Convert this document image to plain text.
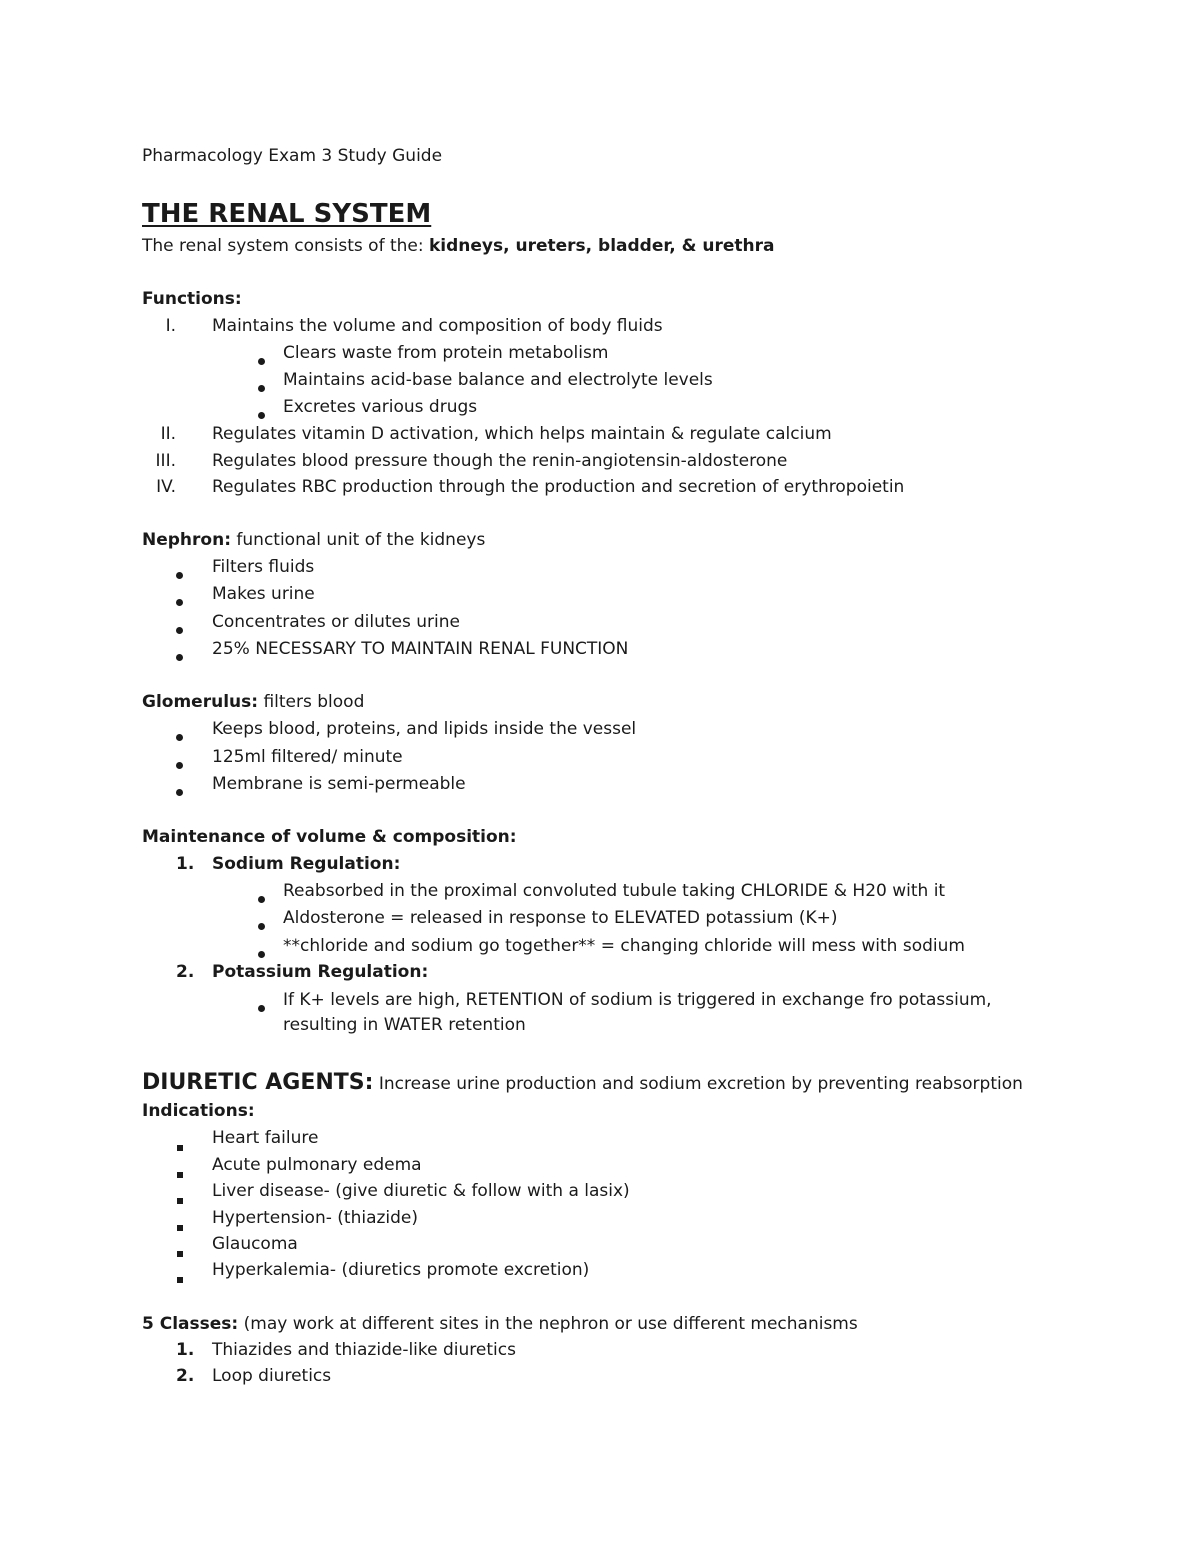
Pharmacology Exam 3 Study Guide
THE RENAL SYSTEM
The renal system consists of the: kidneys, ureters, bladder, & urethra
Functions:
I. Maintains the volume and composition of body fluids
Clears waste from protein metabolism
Maintains acid-base balance and electrolyte levels
Excretes various drugs
II. Regulates vitamin D activation, which helps maintain & regulate calcium
III. Regulates blood pressure though the renin-angiotensin-aldosterone
IV. Regulates RBC production through the production and secretion of erythropoietin
Nephron: functional unit of the kidneys
Filters fluids
Makes urine
Concentrates or dilutes urine
25% NECESSARY TO MAINTAIN RENAL FUNCTION
Glomerulus: filters blood
Keeps blood, proteins, and lipids inside the vessel
125ml filtered/ minute
Membrane is semi-permeable
Maintenance of volume & composition:
1. Sodium Regulation:
Reabsorbed in the proximal convoluted tubule taking CHLORIDE & H20 with it
Aldosterone = released in response to ELEVATED potassium (K+)
**chloride and sodium go together** = changing chloride will mess with sodium
2. Potassium Regulation:
If K+ levels are high, RETENTION of sodium is triggered in exchange fro potassium,
resulting in WATER retention
DIURETIC AGENTS: Increase urine production and sodium excretion by preventing reabsorption
Indications:
Heart failure
Acute pulmonary edema
Liver disease- (give diuretic & follow with a lasix)
Hypertension- (thiazide)
Glaucoma
Hyperkalemia- (diuretics promote excretion)
5 Classes: (may work at different sites in the nephron or use different mechanisms
1. Thiazides and thiazide-like diuretics
2. Loop diuretics
